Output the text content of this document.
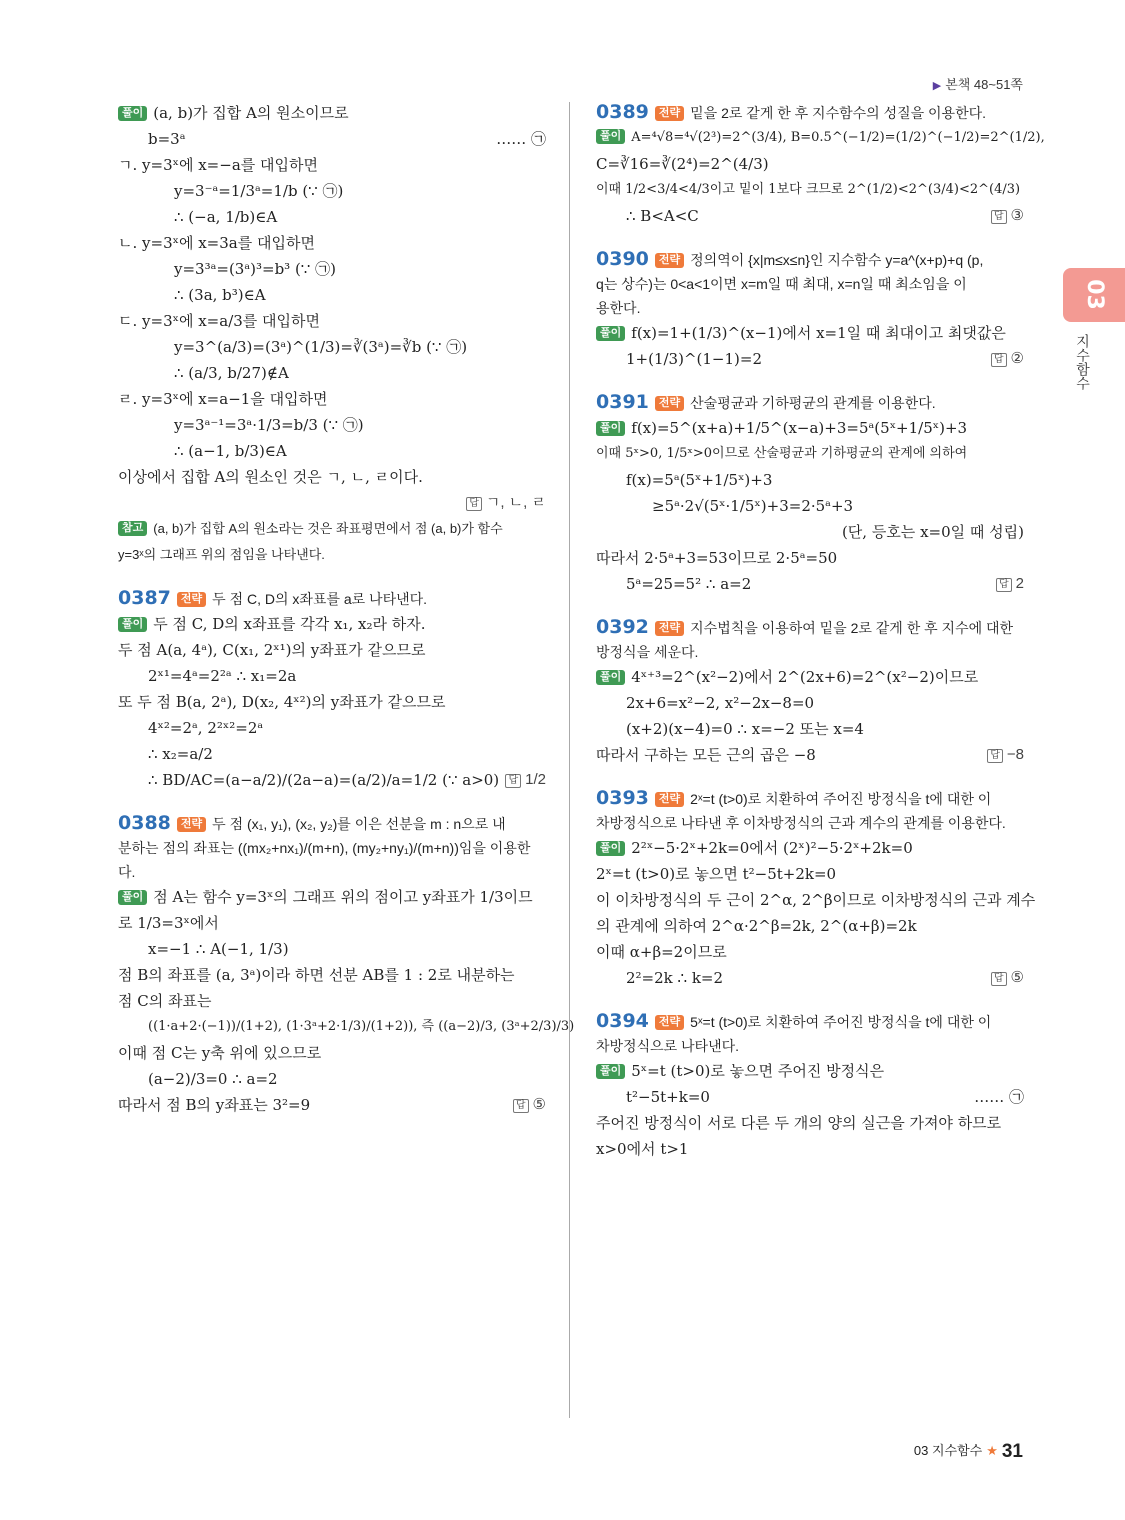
▶ 본책 48~51쪽
03
지수함수
풀이 (a, b)가 집합 A의 원소이므로
b=3ᵃ	…… ㉠
ㄱ. y=3ˣ에 x=−a를 대입하면
y=3⁻ᵃ=1/3ᵃ=1/b (∵ ㉠)
∴ (−a, 1/b)∈A
ㄴ. y=3ˣ에 x=3a를 대입하면
y=3³ᵃ=(3ᵃ)³=b³ (∵ ㉠)
∴ (3a, b³)∈A
ㄷ. y=3ˣ에 x=a/3를 대입하면
y=3^(a/3)=(3ᵃ)^(1/3)=∛(3ᵃ)=∛b (∵ ㉠)
∴ (a/3, b/27)∉A
ㄹ. y=3ˣ에 x=a−1을 대입하면
y=3ᵃ⁻¹=3ᵃ·1/3=b/3 (∵ ㉠)
∴ (a−1, b/3)∈A
이상에서 집합 A의 원소인 것은 ㄱ, ㄴ, ㄹ이다.
답 ㄱ, ㄴ, ㄹ

참고 (a, b)가 집합 A의 원소라는 것은 좌표평면에서 점 (a, b)가 함수
y=3ˣ의 그래프 위의 점임을 나타낸다.
0387 전략 두 점 C, D의 x좌표를 a로 나타낸다.
풀이 두 점 C, D의 x좌표를 각각 x₁, x₂라 하자.
두 점 A(a, 4ᵃ), C(x₁, 2ˣ¹)의 y좌표가 같으므로
2ˣ¹=4ᵃ=2²ᵃ ∴ x₁=2a
또 두 점 B(a, 2ᵃ), D(x₂, 4ˣ²)의 y좌표가 같으므로
4ˣ²=2ᵃ, 2²ˣ²=2ᵃ
∴ x₂=a/2
∴ BD/AC=(a−a/2)/(2a−a)=(a/2)/a=1/2 (∵ a>0) 답 1/2
0388 전략 두 점 (x₁, y₁), (x₂, y₂)를 이은 선분을 m : n으로 내
분하는 점의 좌표는 ((mx₂+nx₁)/(m+n), (my₂+ny₁)/(m+n))임을 이용한다.
풀이 점 A는 함수 y=3ˣ의 그래프 위의 점이고 y좌표가 1/3이므
로 1/3=3ˣ에서
x=−1 ∴ A(−1, 1/3)
점 B의 좌표를 (a, 3ᵃ)이라 하면 선분 AB를 1 : 2로 내분하는
점 C의 좌표는
((1·a+2·(−1))/(1+2), (1·3ᵃ+2·1/3)/(1+2)), 즉 ((a−2)/3, (3ᵃ+2/3)/3)
이때 점 C는 y축 위에 있으므로
(a−2)/3=0 ∴ a=2
따라서 점 B의 y좌표는 3²=9	답 ⑤
0389 전략 밑을 2로 같게 한 후 지수함수의 성질을 이용한다.
풀이 A=⁴√8=⁴√(2³)=2^(3/4), B=0.5^(−1/2)=(1/2)^(−1/2)=2^(1/2),
C=∛16=∛(2⁴)=2^(4/3)
이때 1/2<3/4<4/3이고 밑이 1보다 크므로 2^(1/2)<2^(3/4)<2^(4/3)
∴ B<A<C	답 ③
0390 전략 정의역이 {x|m≤x≤n}인 지수함수 y=a^(x+p)+q (p,
q는 상수)는 0<a<1이면 x=m일 때 최대, x=n일 때 최소임을 이
용한다.
풀이 f(x)=1+(1/3)^(x−1)에서 x=1일 때 최대이고 최댓값은
1+(1/3)^(1−1)=2	답 ②
0391 전략 산술평균과 기하평균의 관계를 이용한다.
풀이 f(x)=5^(x+a)+1/5^(x−a)+3=5ᵃ(5ˣ+1/5ˣ)+3
이때 5ˣ>0, 1/5ˣ>0이므로 산술평균과 기하평균의 관계에 의하여
f(x)=5ᵃ(5ˣ+1/5ˣ)+3
≥5ᵃ·2√(5ˣ·1/5ˣ)+3=2·5ᵃ+3

(단, 등호는 x=0일 때 성립)
따라서 2·5ᵃ+3=53이므로 2·5ᵃ=50
5ᵃ=25=5² ∴ a=2	답 2
0392 전략 지수법칙을 이용하여 밑을 2로 같게 한 후 지수에 대한
방정식을 세운다.
풀이 4ˣ⁺³=2^(x²−2)에서 2^(2x+6)=2^(x²−2)이므로
2x+6=x²−2, x²−2x−8=0
(x+2)(x−4)=0 ∴ x=−2 또는 x=4
따라서 구하는 모든 근의 곱은 −8	답 −8
0393 전략 2ˣ=t (t>0)로 치환하여 주어진 방정식을 t에 대한 이
차방정식으로 나타낸 후 이차방정식의 근과 계수의 관계를 이용한다.
풀이 2²ˣ−5·2ˣ+2k=0에서 (2ˣ)²−5·2ˣ+2k=0
2ˣ=t (t>0)로 놓으면 t²−5t+2k=0
이 이차방정식의 두 근이 2^α, 2^β이므로 이차방정식의 근과 계수
의 관계에 의하여 2^α·2^β=2k, 2^(α+β)=2k
이때 α+β=2이므로
2²=2k ∴ k=2	답 ⑤
0394 전략 5ˣ=t (t>0)로 치환하여 주어진 방정식을 t에 대한 이
차방정식으로 나타낸다.
풀이 5ˣ=t (t>0)로 놓으면 주어진 방정식은
t²−5t+k=0	…… ㉠
주어진 방정식이 서로 다른 두 개의 양의 실근을 가져야 하므로
x>0에서 t>1
03 지수함수 ★ 31
